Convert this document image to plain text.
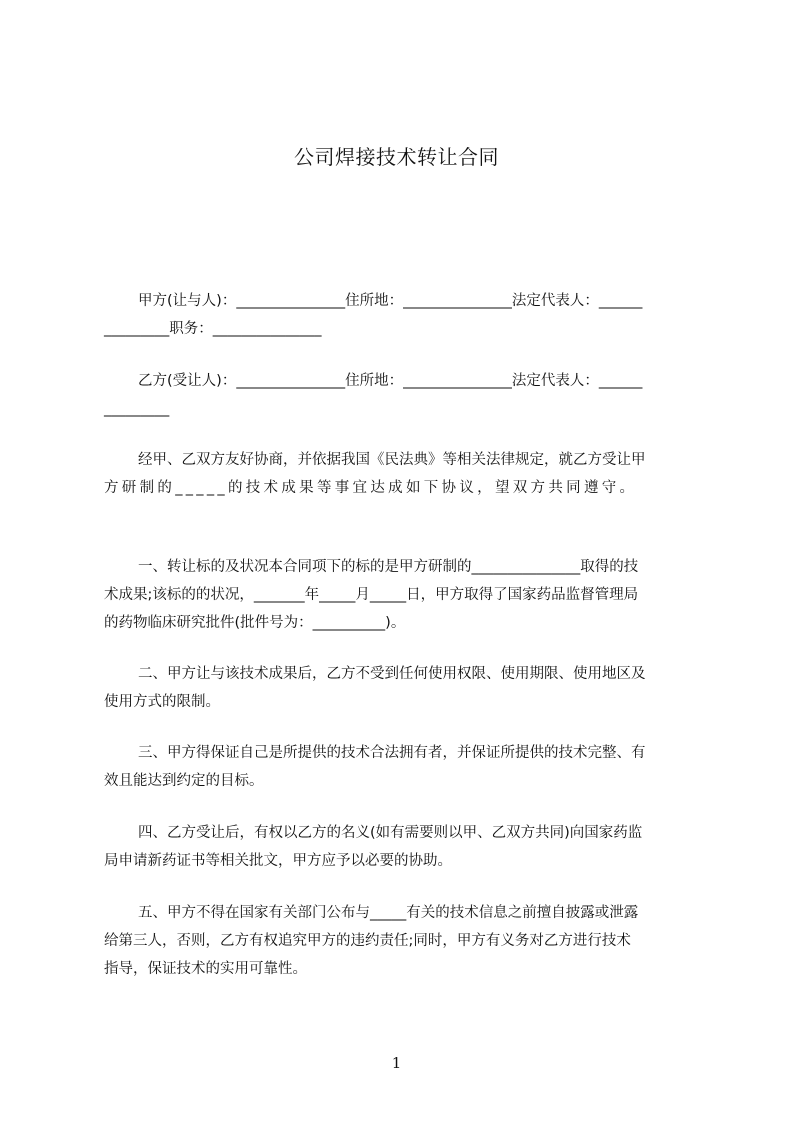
公司焊接技术转让合同
甲方(让与人)：_______________住所地：_______________法定代表人：______
_________职务：_______________
乙方(受让人)：_______________住所地：_______________法定代表人：______
_________
经甲、乙双方友好协商，并依据我国《民法典》等相关法律规定，就乙方受让甲
方研制的_____的技术成果等事宜达成如下协议，望双方共同遵守。
一、转让标的及状况本合同项下的标的是甲方研制的_______________取得的技
术成果;该标的的状况，_______年_____月_____日，甲方取得了国家药品监督管理局
的药物临床研究批件(批件号为：__________)。
二、甲方让与该技术成果后，乙方不受到任何使用权限、使用期限、使用地区及
使用方式的限制。
三、甲方得保证自己是所提供的技术合法拥有者，并保证所提供的技术完整、有
效且能达到约定的目标。
四、乙方受让后，有权以乙方的名义(如有需要则以甲、乙双方共同)向国家药监
局申请新药证书等相关批文，甲方应予以必要的协助。
五、甲方不得在国家有关部门公布与_____有关的技术信息之前擅自披露或泄露
给第三人，否则，乙方有权追究甲方的违约责任;同时，甲方有义务对乙方进行技术
指导，保证技术的实用可靠性。
1
